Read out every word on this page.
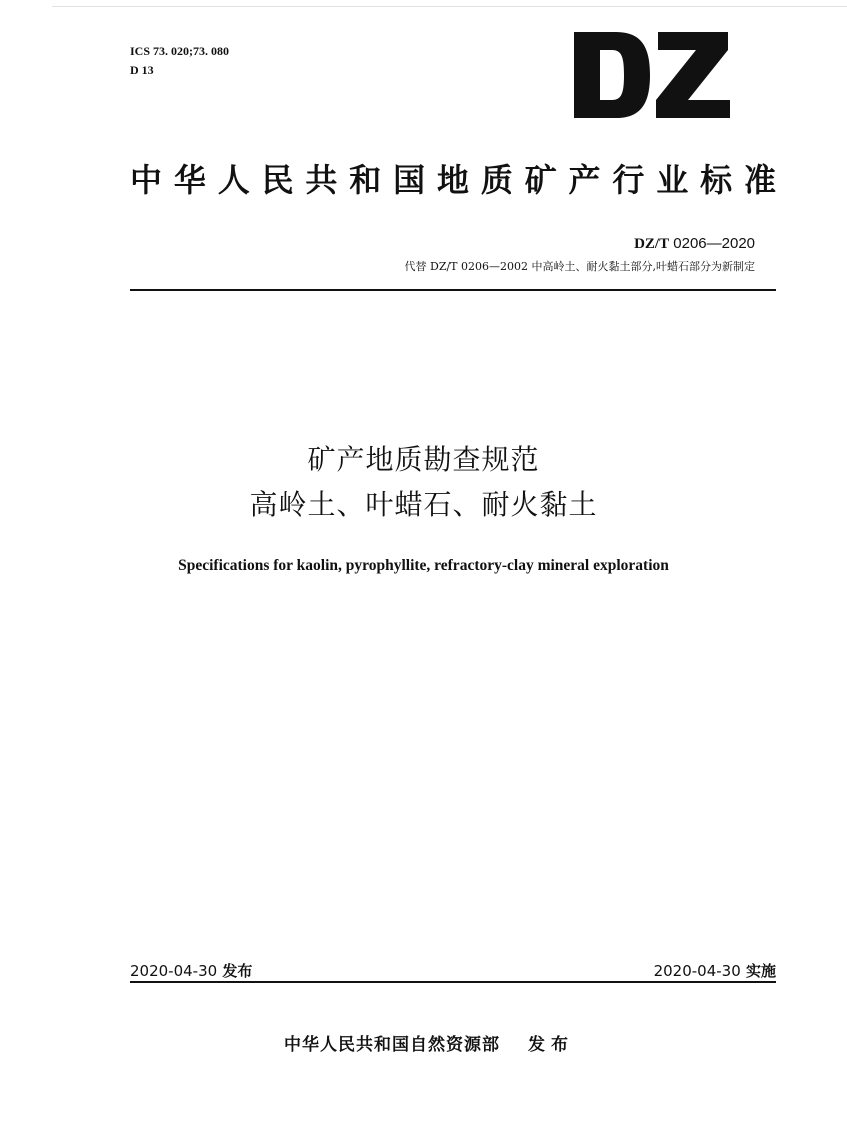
ICS 73. 020;73. 080
D 13
中华人民共和国地质矿产行业标准
DZ/T 0206—2020
代替 DZ/T 0206—2002 中高岭土、耐火黏土部分,叶蜡石部分为新制定
矿产地质勘查规范
高岭土、叶蜡石、耐火黏土
Specifications for kaolin, pyrophyllite, refractory-clay mineral exploration
2020-04-30 发布	2020-04-30 实施
中华人民共和国自然资源部 发布
